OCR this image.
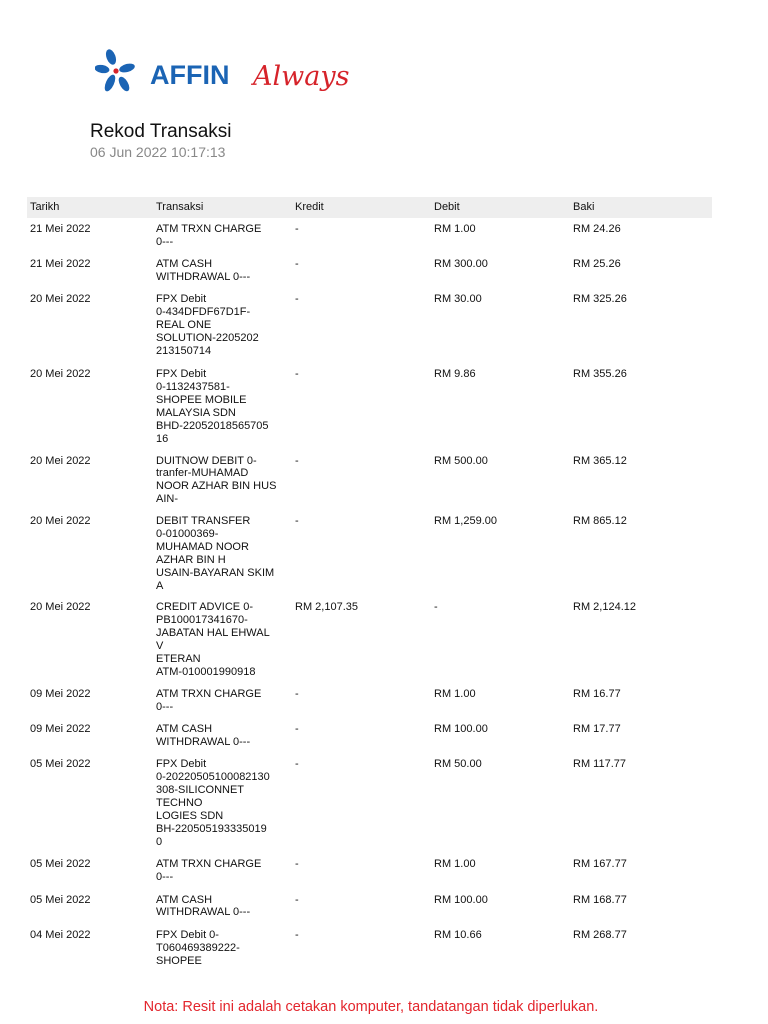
AFFIN Always
Rekod Transaksi
06 Jun 2022 10:17:13
Tarikh	Transaksi	Kredit	Debit	Baki
21 Mei 2022	ATM TRXN CHARGE
0---
-	RM 1.00	RM 24.26
21 Mei 2022	ATM CASH
WITHDRAWAL 0---
-	RM 300.00	RM 25.26
20 Mei 2022	FPX Debit
0-434DFDF67D1F-
REAL ONE
SOLUTION-2205202
213150714
-	RM 30.00	RM 325.26
20 Mei 2022	FPX Debit
0-1132437581-
SHOPEE MOBILE
MALAYSIA SDN
BHD-22052018565705
16
-	RM 9.86	RM 355.26
20 Mei 2022	DUITNOW DEBIT 0-
tranfer-MUHAMAD
NOOR AZHAR BIN HUS
AIN-
-	RM 500.00	RM 365.12
20 Mei 2022	DEBIT TRANSFER
0-01000369-
MUHAMAD NOOR
AZHAR BIN H
USAIN-BAYARAN SKIM
A
-	RM 1,259.00	RM 865.12
20 Mei 2022	CREDIT ADVICE 0-
PB100017341670-
JABATAN HAL EHWAL
V
ETERAN
ATM-010001990918
RM 2,107.35	-	RM 2,124.12
09 Mei 2022	ATM TRXN CHARGE
0---
-	RM 1.00	RM 16.77
09 Mei 2022	ATM CASH
WITHDRAWAL 0---
-	RM 100.00	RM 17.77
05 Mei 2022	FPX Debit
0-20220505100082130
308-SILICONNET
TECHNO
LOGIES SDN
BH-220505193335019
0
-	RM 50.00	RM 117.77
05 Mei 2022	ATM TRXN CHARGE
0---
-	RM 1.00	RM 167.77
05 Mei 2022	ATM CASH
WITHDRAWAL 0---
-	RM 100.00	RM 168.77
04 Mei 2022	FPX Debit 0-
T060469389222-
SHOPEE
-	RM 10.66	RM 268.77
Nota: Resit ini adalah cetakan komputer, tandatangan tidak diperlukan.
